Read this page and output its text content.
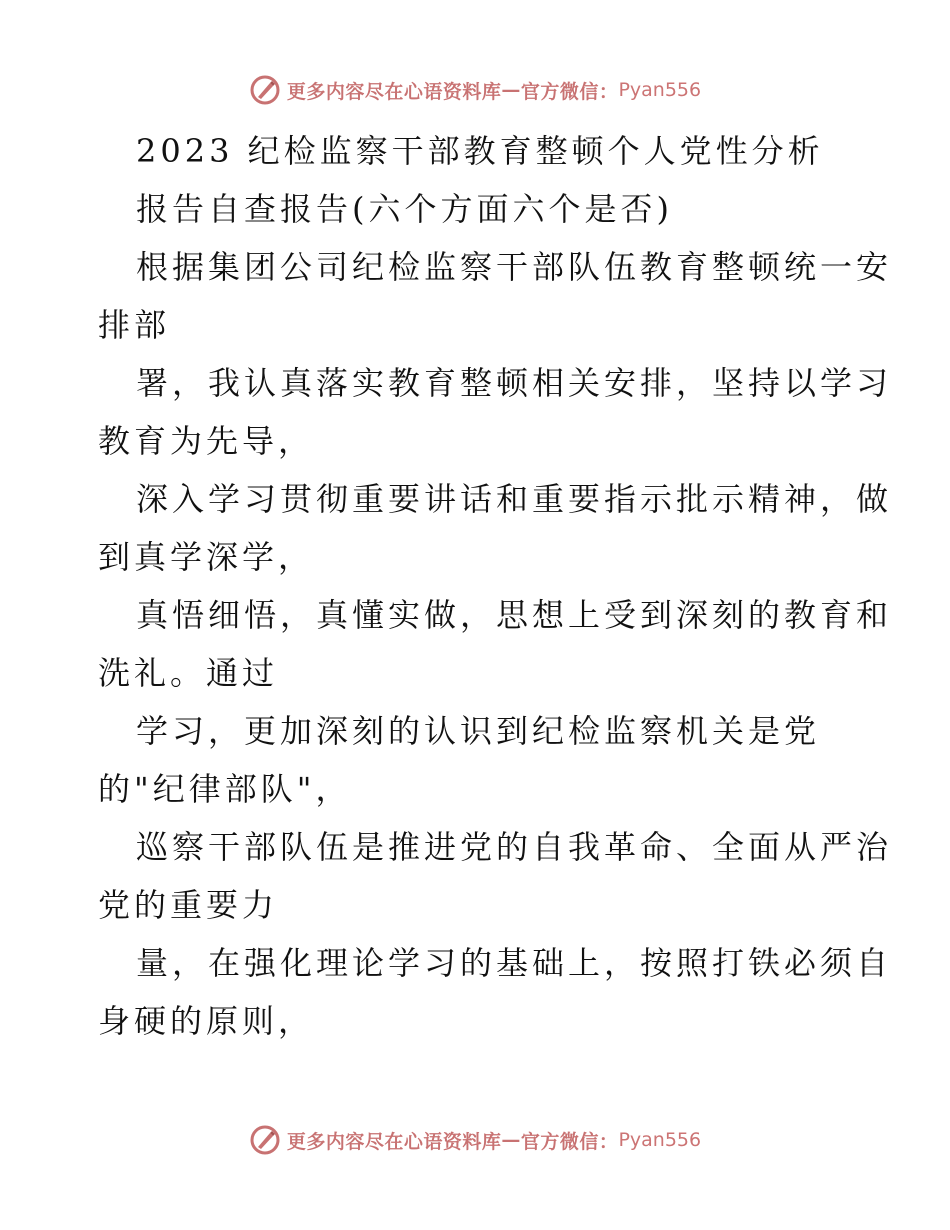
更多内容尽在心语资料库 — 官方微信： Pyan556
2023 纪检监察干部教育整顿个人党性分析
报告自查报告(六个方面六个是否)
根据集团公司纪检监察干部队伍教育整顿统一安
排部
署，我认真落实教育整顿相关安排，坚持以学习
教育为先导，
深入学习贯彻重要讲话和重要指示批示精神，做
到真学深学，
真悟细悟，真懂实做，思想上受到深刻的教育和
洗礼。通过
学习，更加深刻的认识到纪检监察机关是党
的"纪律部队"，
巡察干部队伍是推进党的自我革命、全面从严治
党的重要力
量，在强化理论学习的基础上，按照打铁必须自
身硬的原则，
更多内容尽在心语资料库 — 官方微信： Pyan556
